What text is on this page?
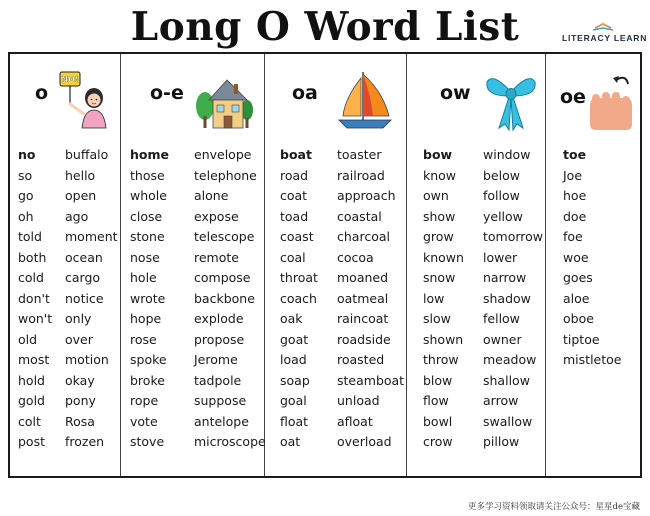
Long O Word List	LITERACY LEARN
o
NO!
no
so
go
oh
told
both
cold
don't
won't
old
most
hold
gold
colt
post
buffalo
hello
open
ago
moment
ocean
cargo
notice
only
over
motion
okay
pony
Rosa
frozen
o-e
home
those
whole
close
stone
nose
hole
wrote
hope
rose
spoke
broke
rope
vote
stove
envelope
telephone
alone
expose
telescope
remote
compose
backbone
explode
propose
Jerome
tadpole
suppose
antelope
microscope
oa
boat
road
coat
toad
coast
coal
throat
coach
oak
goat
load
soap
goal
float
oat
toaster
railroad
approach
coastal
charcoal
cocoa
moaned
oatmeal
raincoat
roadside
roasted
steamboat
unload
afloat
overload
ow
bow
know
own
show
grow
known
snow
low
slow
shown
throw
blow
flow
bowl
crow
window
below
follow
yellow
tomorrow
lower
narrow
shadow
fellow
owner
meadow
shallow
arrow
swallow
pillow
oe
toe
Joe
hoe
doe
foe
woe
goes
aloe
oboe
tiptoe
mistletoe
更多学习资料领取请关注公众号：星星de宝藏
